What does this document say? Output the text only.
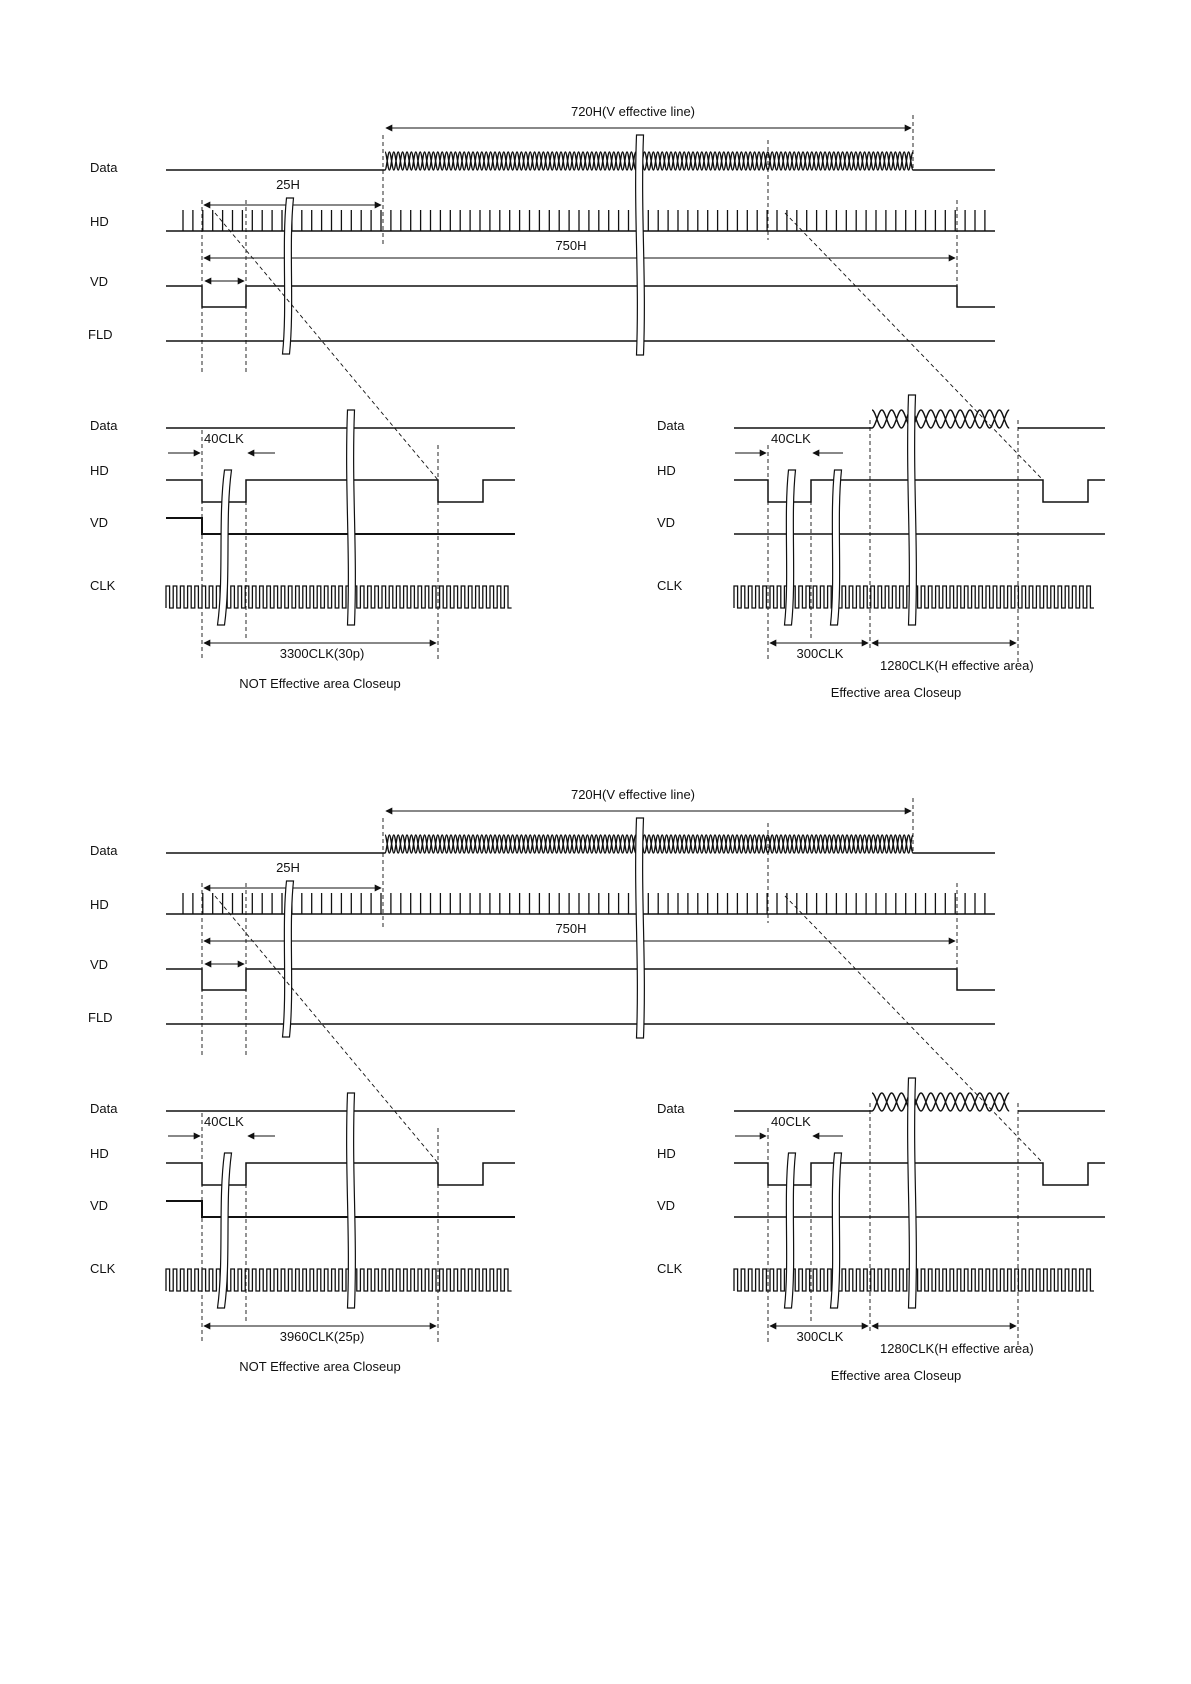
Data
HD
VD
FLD
720H(V effective line)
25H
750H
Data
HD
VD
CLK
40CLK
3300CLK(30p)
NOT Effective area Closeup
Data
HD
VD
CLK
40CLK
300CLK
1280CLK(H effective area)
Effective area Closeup
Data
HD
VD
FLD
720H(V effective line)
25H
750H
Data
HD
VD
CLK
40CLK
3960CLK(25p)
NOT Effective area Closeup
Data
HD
VD
CLK
40CLK
300CLK
1280CLK(H effective area)
Effective area Closeup
